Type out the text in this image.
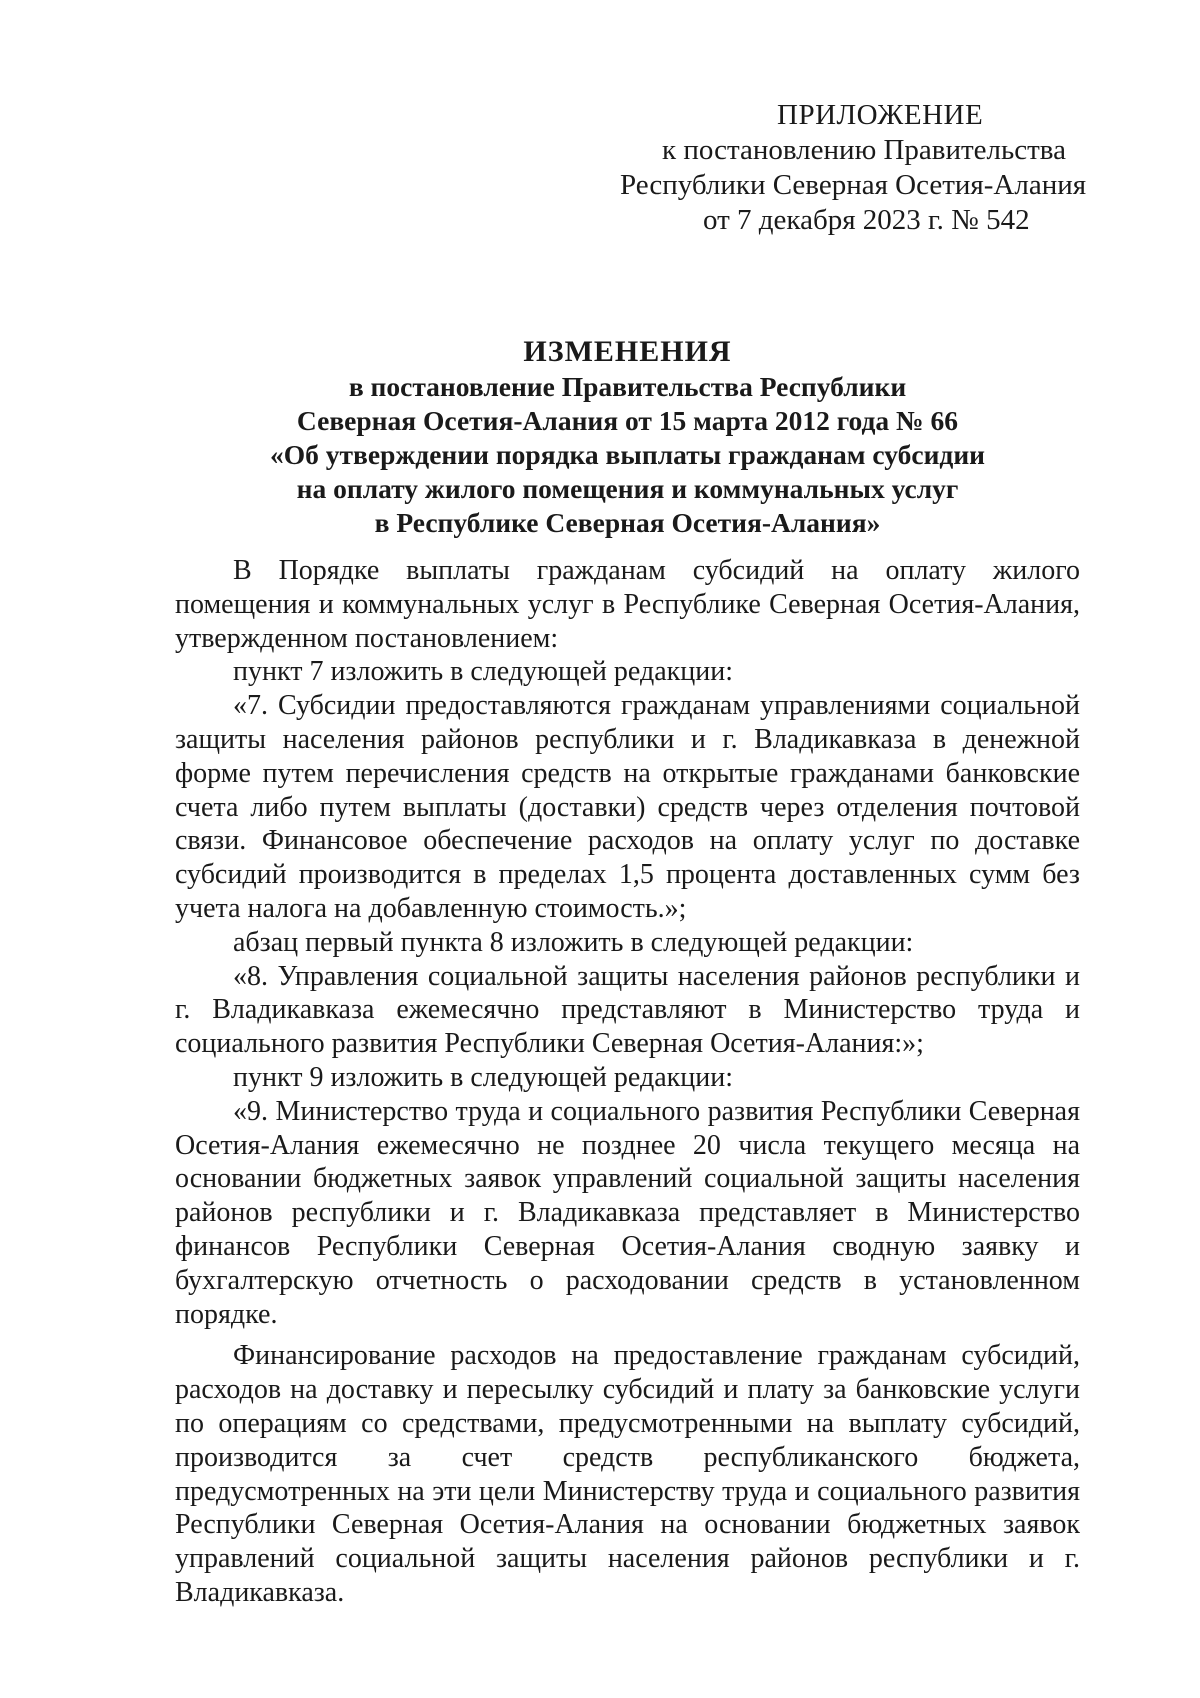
ПРИЛОЖЕНИЕ
к постановлению Правительства
Республики Северная Осетия-Алания
от 7 декабря 2023 г. № 542
ИЗМЕНЕНИЯ
в постановление Правительства Республики
Северная Осетия-Алания от 15 марта 2012 года № 66
«Об утверждении порядка выплаты гражданам субсидии
на оплату жилого помещения и коммунальных услуг
в Республике Северная Осетия-Алания»

В Порядке выплаты гражданам субсидий на оплату жилого помещения и коммунальных услуг в Республике Северная Осетия-Алания, утвержденном постановлением:

пункт 7 изложить в следующей редакции:

«7. Субсидии предоставляются гражданам управлениями социальной защиты населения районов республики и г. Владикавказа в денежной форме путем перечисления средств на открытые гражданами банковские счета либо путем выплаты (доставки) средств через отделения почтовой связи. Финансовое обеспечение расходов на оплату услуг по доставке субсидий производится в пределах 1,5 процента доставленных сумм без учета налога на добавленную стоимость.»;

абзац первый пункта 8 изложить в следующей редакции:

«8. Управления социальной защиты населения районов республики и г. Владикавказа ежемесячно представляют в Министерство труда и социального развития Республики Северная Осетия-Алания:»;

пункт 9 изложить в следующей редакции:

«9. Министерство труда и социального развития Республики Северная Осетия-Алания ежемесячно не позднее 20 числа текущего месяца на основании бюджетных заявок управлений социальной защиты населения районов республики и г. Владикавказа представляет в Министерство финансов Республики Северная Осетия-Алания сводную заявку и бухгалтерскую отчетность о расходовании средств в установленном порядке.

Финансирование расходов на предоставление гражданам субсидий, расходов на доставку и пересылку субсидий и плату за банковские услуги по операциям со средствами, предусмотренными на выплату субсидий, производится за счет средств республиканского бюджета, предусмотренных на эти цели Министерству труда и социального развития Республики Северная Осетия-Алания на основании бюджетных заявок управлений социальной защиты населения районов республики и г. Владикавказа.
